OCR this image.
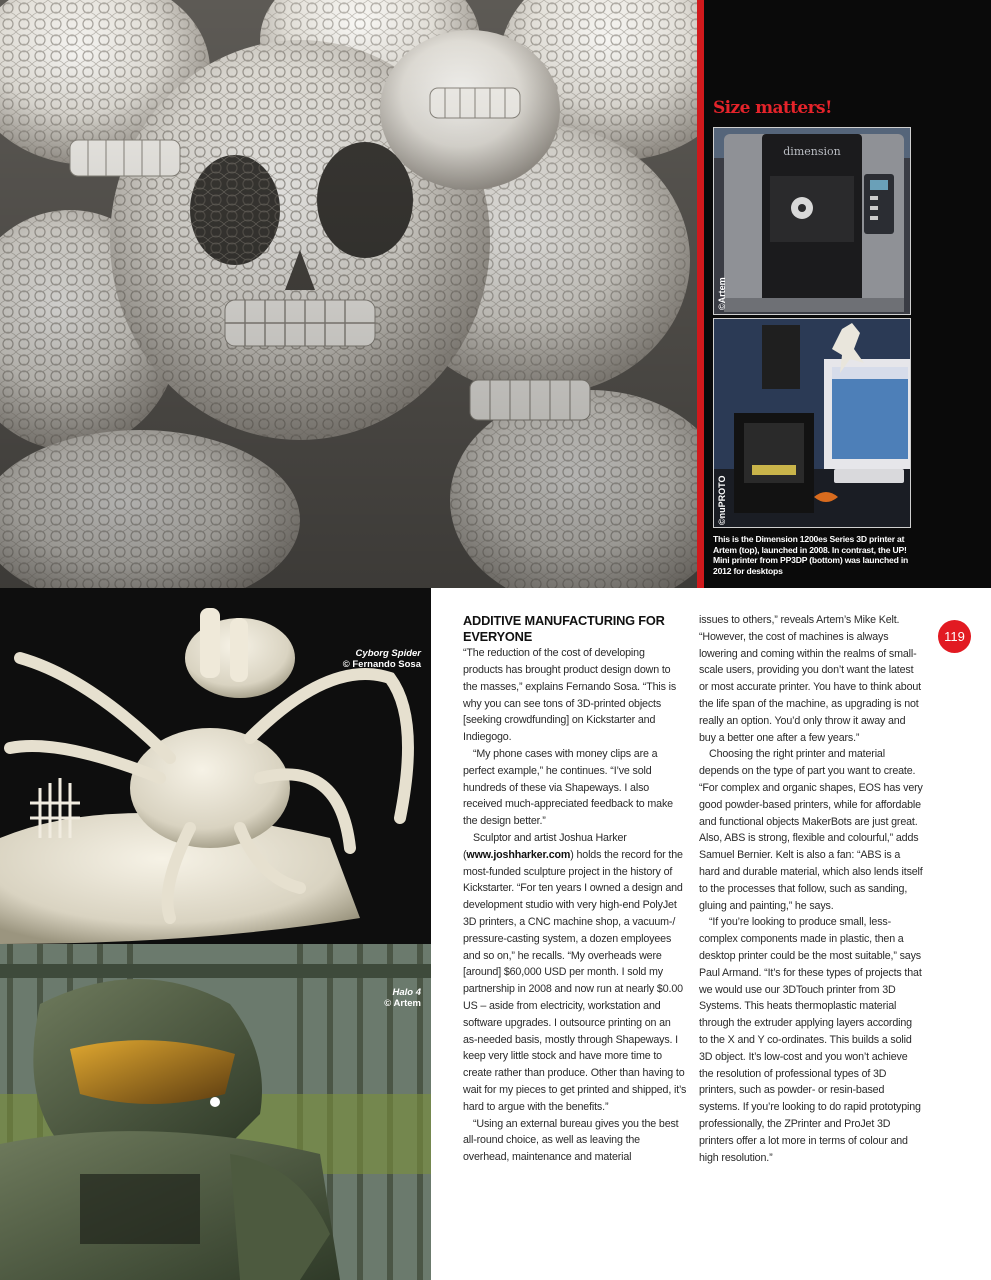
Size matters!
dimension
©Artem
©nuPROTO
This is the Dimension 1200es Series 3D printer at Artem (top), launched in 2008. In contrast, the UP! Mini printer from PP3DP (bottom) was launched in 2012 for desktops
Cyborg Spider
© Fernando Sosa
Halo 4
© Artem
ADDITIVE MANUFACTURING FOR EVERYONE

“The reduction of the cost of developing products has brought product design down to the masses,” explains Fernando Sosa. “This is why you can see tons of 3D-printed objects [seeking crowdfunding] on Kickstarter and Indiegogo.

“My phone cases with money clips are a perfect example,” he continues. “I’ve sold hundreds of these via Shapeways. I also received much-appreciated feedback to make the design better.”

Sculptor and artist Joshua Harker (www.joshharker.com) holds the record for the most-funded sculpture project in the history of Kickstarter. “For ten years I owned a design and development studio with very high-end PolyJet 3D printers, a CNC machine shop, a vacuum-/ pressure-casting system, a dozen employees and so on,” he recalls. “My overheads were [around] $60,000 USD per month. I sold my partnership in 2008 and now run at nearly $0.00 US – aside from electricity, workstation and software upgrades. I outsource printing on an as-needed basis, mostly through Shapeways. I keep very little stock and have more time to create rather than produce. Other than having to wait for my pieces to get printed and shipped, it’s hard to argue with the benefits.”

“Using an external bureau gives you the best all-round choice, as well as leaving the overhead, maintenance and material

issues to others,” reveals Artem’s Mike Kelt. “However, the cost of machines is always lowering and coming within the realms of small-scale users, providing you don’t want the latest or most accurate printer. You have to think about the life span of the machine, as upgrading is not really an option. You’d only throw it away and buy a better one after a few years.”

Choosing the right printer and material depends on the type of part you want to create. “For complex and organic shapes, EOS has very good powder-based printers, while for affordable and functional objects MakerBots are just great. Also, ABS is strong, flexible and colourful,” adds Samuel Bernier. Kelt is also a fan: “ABS is a hard and durable material, which also lends itself to the processes that follow, such as sanding, gluing and painting,” he says.

“If you’re looking to produce small, less-complex components made in plastic, then a desktop printer could be the most suitable,” says Paul Armand. “It’s for these types of projects that we would use our 3DTouch printer from 3D Systems. This heats thermoplastic material through the extruder applying layers according to the X and Y co-ordinates. This builds a solid 3D object. It’s low-cost and you won’t achieve the resolution of professional types of 3D printers, such as powder- or resin-based systems. If you’re looking to do rapid prototyping professionally, the ZPrinter and ProJet 3D printers offer a lot more in terms of colour and high resolution.”

119
